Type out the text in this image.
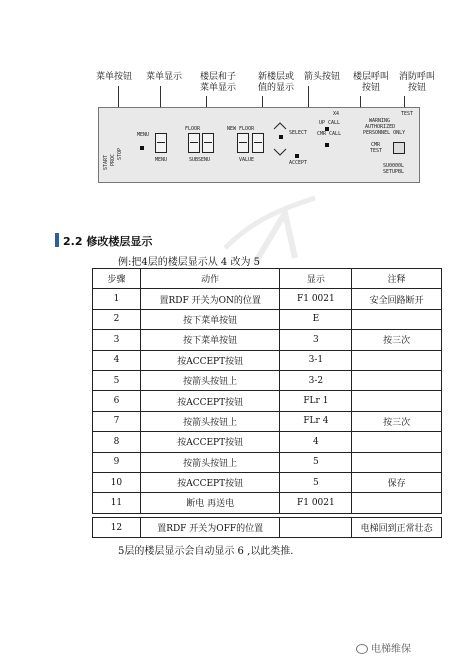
菜单按钮 菜单显示	楼层和子菜单显示
新楼层或值的显示
箭头按钮 楼层呼叫按钮
消防呼叫按钮
START PROC STOP
MENU
FLOOR	NEW FLOOR
MENU	SUBSENU	VALUE
SELECT
ACCEPT
X4
UP CALL
CMR CALL
WARNING
AUTHORIZED
PERSONNEL ONLY
TEST
CMR
TEST
SU0000L
SETUPBL
2.2 修改楼层显示
例:把4层的楼层显示从 4 改为 5
步骤	动作	显示	注释
1	置RDF 开关为ON的位置	F1 0021	安全回路断开
2	按下菜单按钮	E	
3	按下菜单按钮	3	按三次
4	按ACCEPT按钮	3-1	
5	按箭头按钮上	3-2	
6	按ACCEPT按钮	FLr 1	
7	按箭头按钮上	FLr 4	按三次
8	按ACCEPT按钮	4	
9	按箭头按钮上	5	
10	按ACCEPT按钮	5	保存
11	断电 再送电	F1 0021	
12	置RDF 开关为OFF的位置		电梯回到正常壮态
5层的楼层显示会自动显示 6 ,以此类推.
电梯维保
